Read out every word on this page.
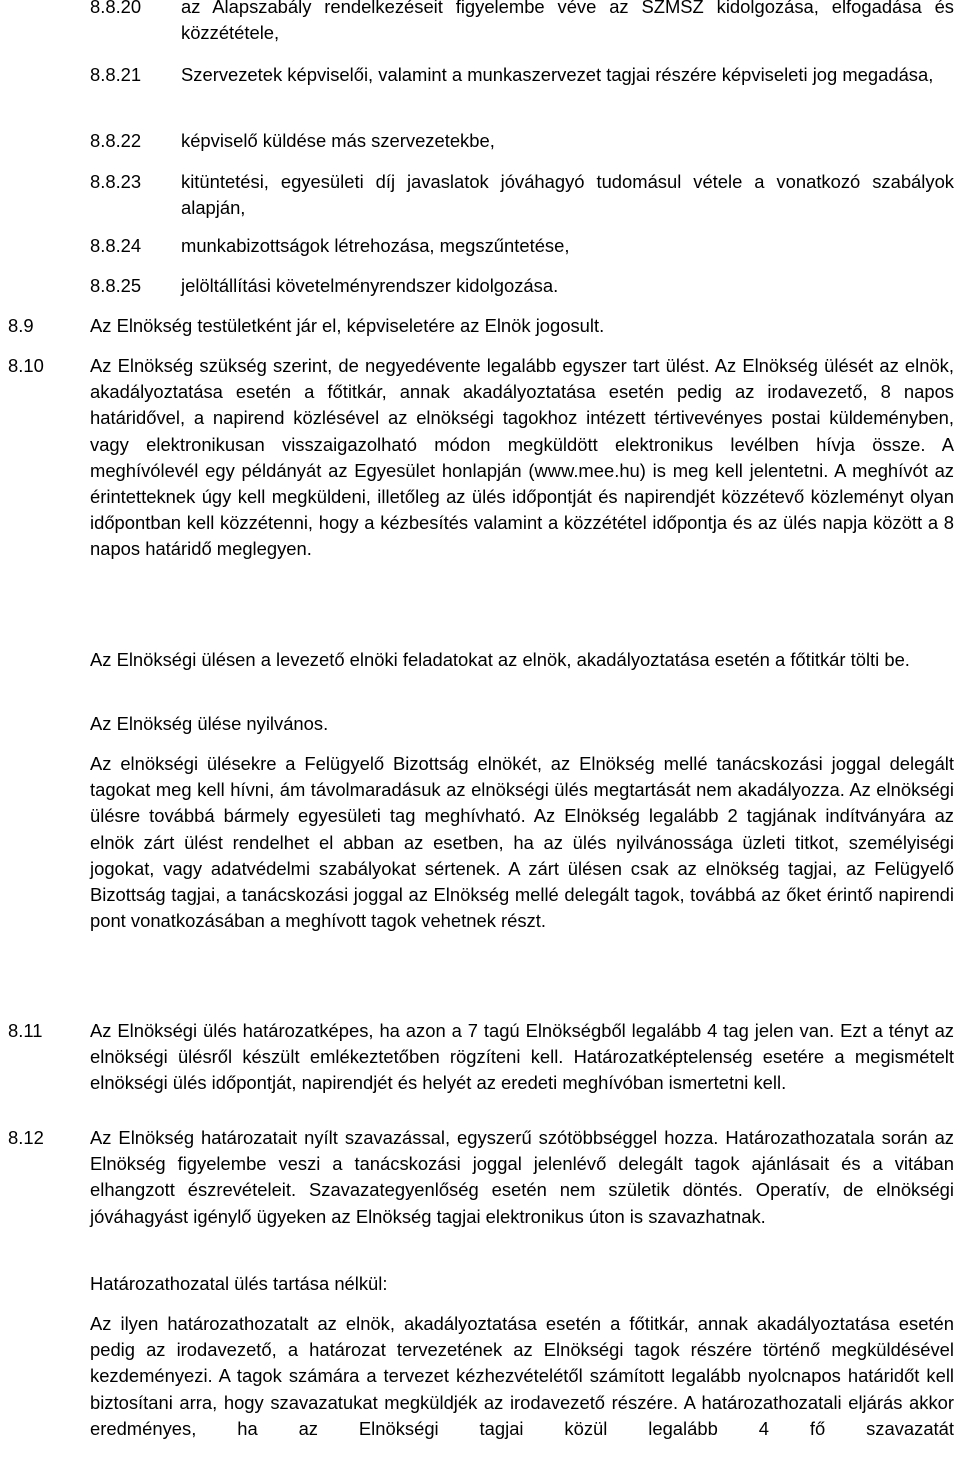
8.8.20 az Alapszabály rendelkezéseit figyelembe véve az SZMSZ kidolgozása, elfogadása és közzététele,
8.8.21 Szervezetek képviselői, valamint a munkaszervezet tagjai részére képviseleti jog megadása,
8.8.22 képviselő küldése más szervezetekbe,
8.8.23 kitüntetési, egyesületi díj javaslatok jóváhagyó tudomásul vétele a vonatkozó szabályok alapján,
8.8.24 munkabizottságok létrehozása, megszűntetése,
8.8.25 jelöltállítási követelményrendszer kidolgozása.
8.9	Az Elnökség testületként jár el, képviseletére az Elnök jogosult.
8.10	Az Elnökség szükség szerint, de negyedévente legalább egyszer tart ülést. Az Elnökség ülését az elnök, akadályoztatása esetén a főtitkár, annak akadályoztatása esetén pedig az irodavezető, 8 napos határidővel, a napirend közlésével az elnökségi tagokhoz intézett tértivevényes postai küldeményben, vagy elektronikusan visszaigazolható módon megküldött elektronikus levélben hívja össze. A meghívólevél egy példányát az Egyesület honlapján (www.mee.hu) is meg kell jelentetni. A meghívót az érintetteknek úgy kell megküldeni, illetőleg az ülés időpontját és napirendjét közzétevő közleményt olyan időpontban kell közzétenni, hogy a kézbesítés valamint a közzététel időpontja és az ülés napja között a 8 napos határidő meglegyen.
Az Elnökségi ülésen a levezető elnöki feladatokat az elnök, akadályoztatása esetén a főtitkár tölti be.
Az Elnökség ülése nyilvános.
Az elnökségi ülésekre a Felügyelő Bizottság elnökét, az Elnökség mellé tanácskozási joggal delegált tagokat meg kell hívni, ám távolmaradásuk az elnökségi ülés megtartását nem akadályozza. Az elnökségi ülésre továbbá bármely egyesületi tag meghívható. Az Elnökség legalább 2 tagjának indítványára az elnök zárt ülést rendelhet el abban az esetben, ha az ülés nyilvánossága üzleti titkot, személyiségi jogokat, vagy adatvédelmi szabályokat sértenek. A zárt ülésen csak az elnökség tagjai, az Felügyelő Bizottság tagjai, a tanácskozási joggal az Elnökség mellé delegált tagok, továbbá az őket érintő napirendi pont vonatkozásában a meghívott tagok vehetnek részt.
8.11	Az Elnökségi ülés határozatképes, ha azon a 7 tagú Elnökségből legalább 4 tag jelen van. Ezt a tényt az elnökségi ülésről készült emlékeztetőben rögzíteni kell. Határozatképtelenség esetére a megismételt elnökségi ülés időpontját, napirendjét és helyét az eredeti meghívóban ismertetni kell.
8.12	Az Elnökség határozatait nyílt szavazással, egyszerű szótöbbséggel hozza. Határozathozatala során az Elnökség figyelembe veszi a tanácskozási joggal jelenlévő delegált tagok ajánlásait és a vitában elhangzott észrevételeit. Szavazategyenlőség esetén nem születik döntés. Operatív, de elnökségi jóváhagyást igénylő ügyeken az Elnökség tagjai elektronikus úton is szavazhatnak.
Határozathozatal ülés tartása nélkül:
Az ilyen határozathozatalt az elnök, akadályoztatása esetén a főtitkár, annak akadályoztatása esetén pedig az irodavezető, a határozat tervezetének az Elnökségi tagok részére történő megküldésével kezdeményezi. A tagok számára a tervezet kézhezvételétől számított legalább nyolcnapos határidőt kell biztosítani arra, hogy szavazatukat megküldjék az irodavezető részére. A határozathozatali eljárás akkor eredményes, ha az Elnökségi tagjai közül legalább 4 fő szavazatát
